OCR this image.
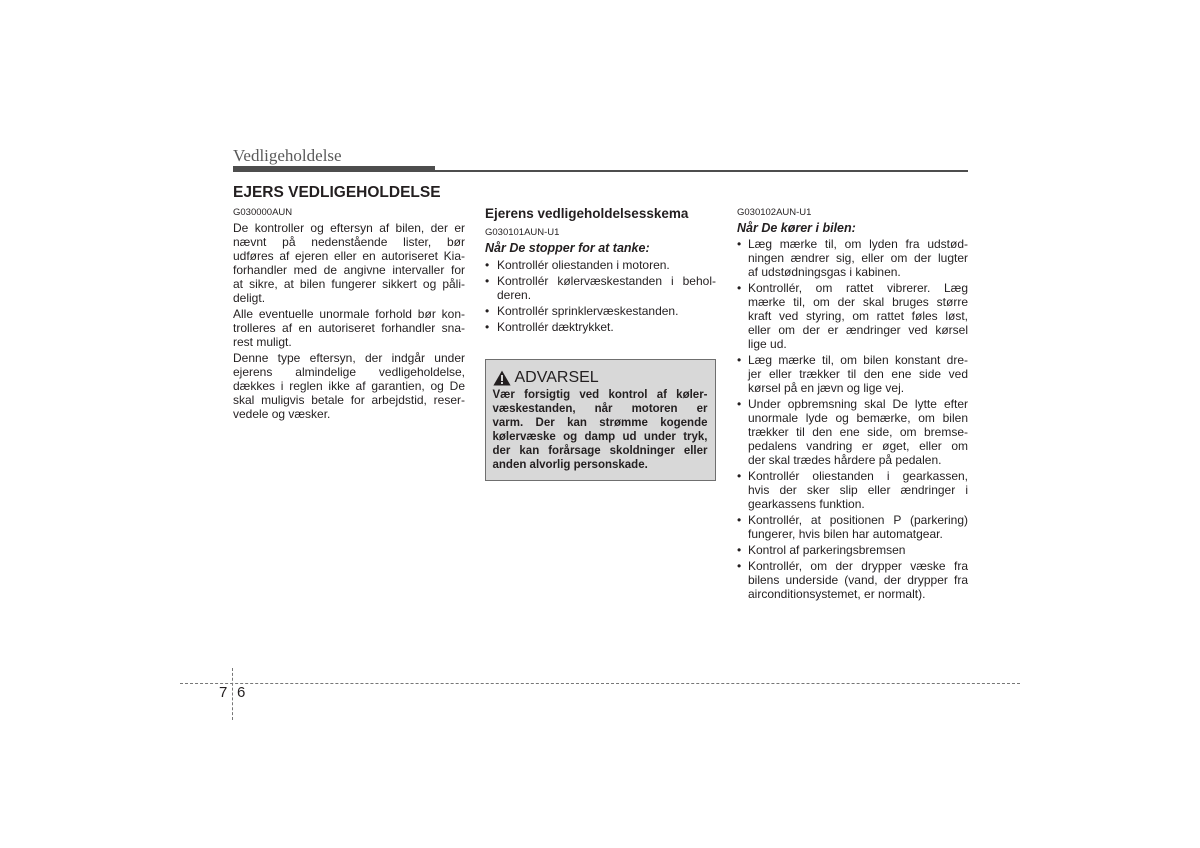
Vedligeholdelse
EJERS VEDLIGEHOLDELSE
G030000AUN
De kontroller og eftersyn af bilen, der er
nævnt på nedenstående lister, bør
udføres af ejeren eller en autoriseret Kia-
forhandler med de angivne intervaller for
at sikre, at bilen fungerer sikkert og påli-
deligt.
Alle eventuelle unormale forhold bør kon-
trolleres af en autoriseret forhandler sna-
rest muligt.
Denne type eftersyn, der indgår under
ejerens almindelige vedligeholdelse,
dækkes i reglen ikke af garantien, og De
skal muligvis betale for arbejdstid, reser-
vedele og væsker.
Ejerens vedligeholdelsesskema
G030101AUN-U1
Når De stopper for at tanke:
• Kontrollér oliestanden i motoren.
• Kontrollér kølervæskestanden i behol-
deren.
• Kontrollér sprinklervæskestanden.
• Kontrollér dæktrykket.
ADVARSEL
Vær forsigtig ved kontrol af køler-
væskestanden, når motoren er
varm. Der kan strømme kogende
kølervæske og damp ud under tryk,
der kan forårsage skoldninger eller
anden alvorlig personskade.
G030102AUN-U1
Når De kører i bilen:
• Læg mærke til, om lyden fra udstød-
ningen ændrer sig, eller om der lugter
af udstødningsgas i kabinen.
• Kontrollér, om rattet vibrerer. Læg
mærke til, om der skal bruges større
kraft ved styring, om rattet føles løst,
eller om der er ændringer ved kørsel
lige ud.
• Læg mærke til, om bilen konstant dre-
jer eller trækker til den ene side ved
kørsel på en jævn og lige vej.
• Under opbremsning skal De lytte efter
unormale lyde og bemærke, om bilen
trækker til den ene side, om bremse-
pedalens vandring er øget, eller om
der skal trædes hårdere på pedalen.
• Kontrollér oliestanden i gearkassen,
hvis der sker slip eller ændringer i
gearkassens funktion.
• Kontrollér, at positionen P (parkering)
fungerer, hvis bilen har automatgear.
• Kontrol af parkeringsbremsen
• Kontrollér, om der drypper væske fra
bilens underside (vand, der drypper fra
airconditionsystemet, er normalt).
7 6
